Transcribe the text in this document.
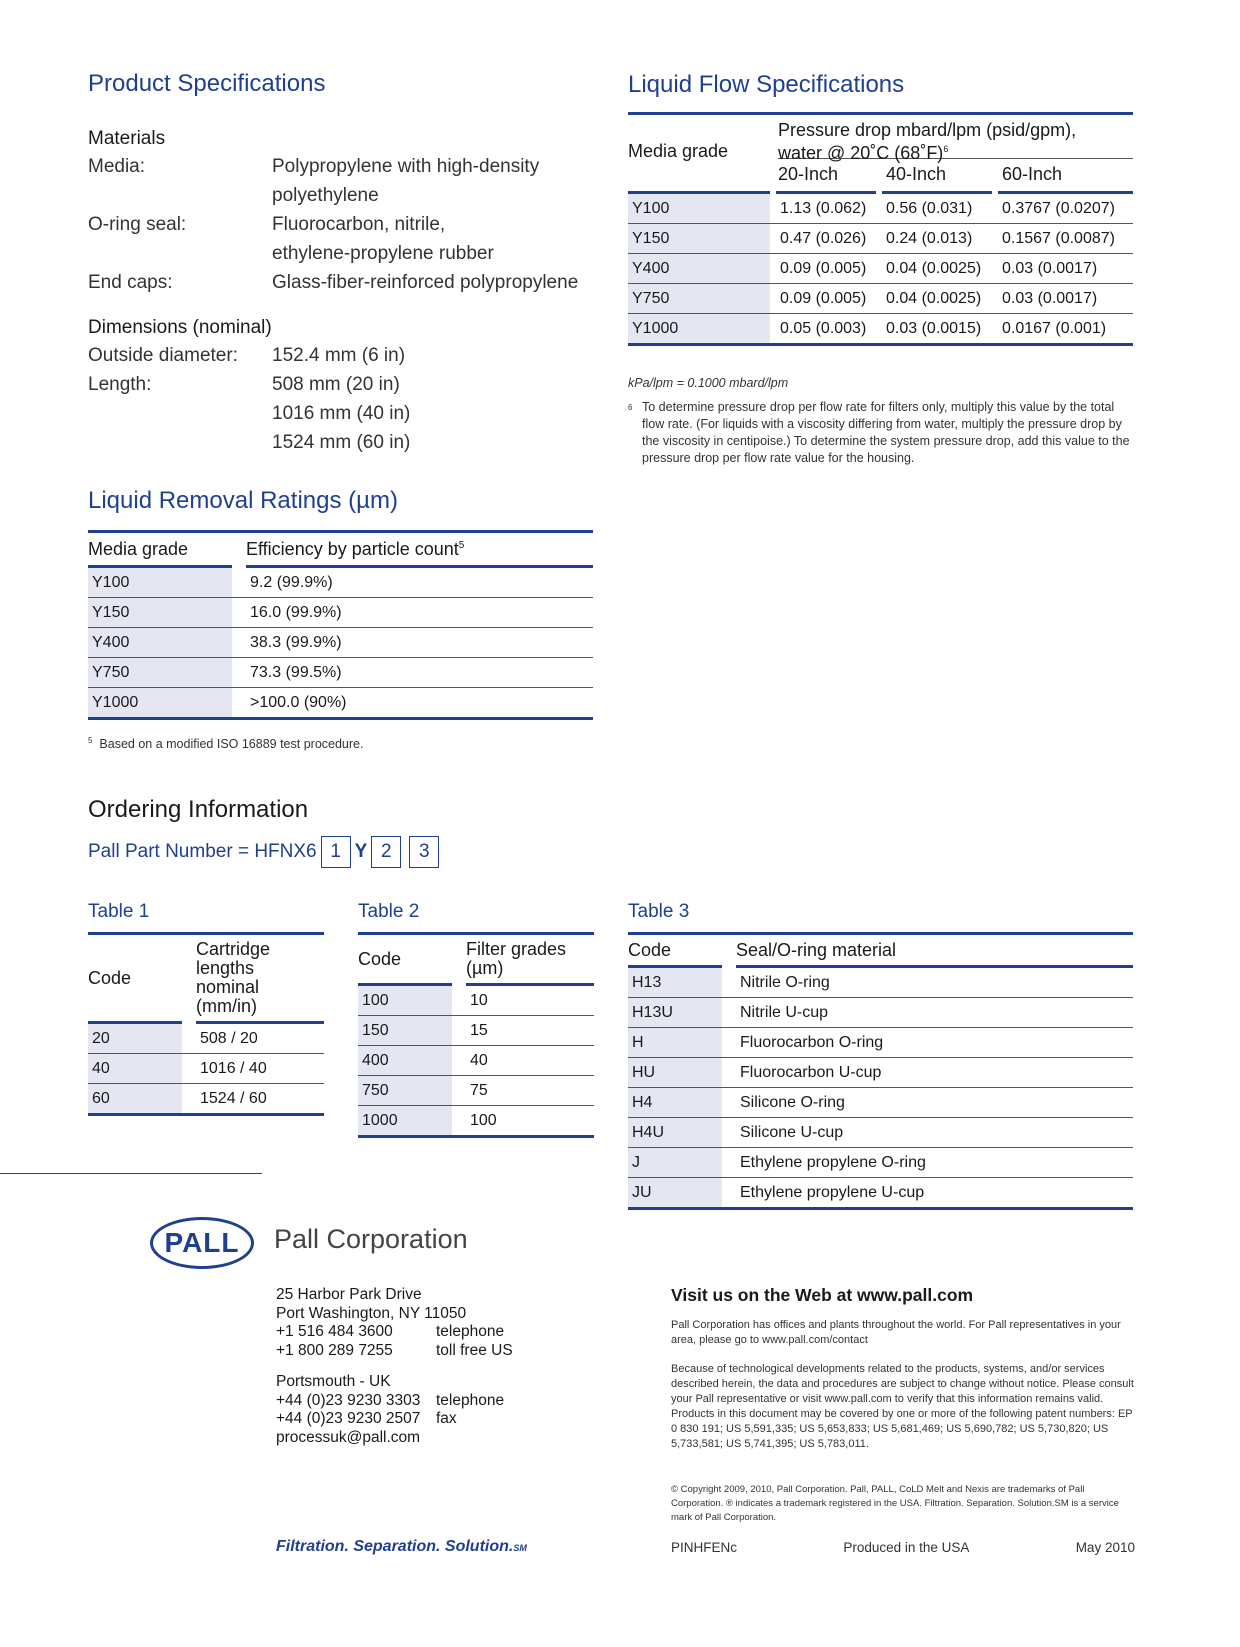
Product Specifications
Materials
Media:	Polypropylene with high-density
polyethylene
O-ring seal:	Fluorocarbon, nitrile,
ethylene-propylene rubber
End caps:	Glass-fiber-reinforced polypropylene
Dimensions (nominal)
Outside diameter:	152.4 mm (6 in)
Length:	508 mm (20 in)
1016 mm (40 in)
1524 mm (60 in)
Liquid Removal Ratings (µm)
Media grade	Efficiency by particle count$^5$
Y100	9.2 (99.9%)
Y150	16.0 (99.9%)
Y400	38.3 (99.9%)
Y750	73.3 (99.5%)
Y1000	>100.0 (90%)
$^5$ Based on a modified ISO 16889 test procedure.
Liquid Flow Specifications
Media grade
Pressure drop mbard/lpm (psid/gpm),
water @ 20˚C (68˚F)$^6$
20-Inch	40-Inch	60-Inch
Y100	1.13 (0.062)	0.56 (0.031)	0.3767 (0.0207)
Y150	0.47 (0.026)	0.24 (0.013)	0.1567 (0.0087)
Y400	0.09 (0.005)	0.04 (0.0025)	0.03 (0.0017)
Y750	0.09 (0.005)	0.04 (0.0025)	0.03 (0.0017)
Y1000	0.05 (0.003)	0.03 (0.0015)	0.0167 (0.001)
kPa/lpm = 0.1000 mbard/lpm
6 To determine pressure drop per flow rate for filters only, multiply this value by the total flow rate. (For liquids with a viscosity differing from water, multiply the pressure drop by the viscosity in centipoise.) To determine the system pressure drop, add this value to the pressure drop per flow rate value for the housing.
Ordering Information
Pall Part Number = HFNX6 1 Y 2 3
Table 1
Code
Cartridge
lengths
nominal
(mm/in)
20	508 / 20
40	1016 / 40
60	1524 / 60
Table 2
Code	Filter grades
(µm)
100	10
150	15
400	40
750	75
1000	100
Table 3
Code	Seal/O-ring material
H13	Nitrile O-ring
H13U	Nitrile U-cup
H	Fluorocarbon O-ring
HU	Fluorocarbon U-cup
H4	Silicone O-ring
H4U	Silicone U-cup
J	Ethylene propylene O-ring
JU	Ethylene propylene U-cup
PALL Pall Corporation
25 Harbor Park Drive
Port Washington, NY 11050
+1 516 484 3600	telephone
+1 800 289 7255	toll free US
Portsmouth - UK
+44 (0)23 9230 3303	telephone
+44 (0)23 9230 2507	fax
processuk@pall.com
Filtration. Separation. Solution.SM
Visit us on the Web at www.pall.com
Pall Corporation has offices and plants throughout the world. For Pall representatives in your area, please go to www.pall.com/contact
Because of technological developments related to the products, systems, and/or services described herein, the data and procedures are subject to change without notice. Please consult your Pall representative or visit www.pall.com to verify that this information remains valid. Products in this document may be covered by one or more of the following patent numbers: EP 0 830 191; US 5,591,335; US 5,653,833; US 5,681,469; US 5,690,782; US 5,730,820; US 5,733,581; US 5,741,395; US 5,783,011.
© Copyright 2009, 2010, Pall Corporation. Pall, PALL, CoLD Melt and Nexis are trademarks of Pall Corporation. ® indicates a trademark registered in the USA. Filtration. Separation. Solution.SM is a service mark of Pall Corporation.
PINHFENc	Produced in the USA	May 2010
